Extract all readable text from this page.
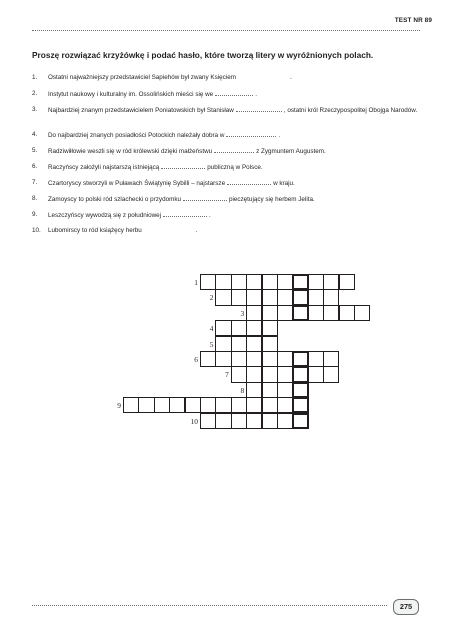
TEST NR 89
Proszę rozwiązać krzyżówkę i podać hasło, które tworzą litery w wyróżnionych polach.
1. Ostatni najważniejszy przedstawiciel Sapiehów był zwany Księciem	.
2. Instytut naukowy i kulturalny im. Ossolińskich mieści się we	.
3. Najbardziej znanym przedstawicielem Poniatowskich był Stanisław	, ostatni król Rzeczypospolitej Obojga Narodów.
4. Do najbardziej znanych posiadłości Potockich należały dobra w	.
5. Radziwiłłowie weszli się w ród królewski dzięki małżeństwu	z Zygmuntem Augustem.
6. Raczyńscy założyli najstarszą istniejącą	publiczną w Polsce.
7. Czartoryscy stworzyli w Puławach Świątynię Sybilli – najstarsze	w kraju.
8. Zamoyscy to polski ród szlachecki o przydomku	pieczętujący się herbem Jelita.
9. Leszczyńscy wywodzą się z południowej	.
10. Lubomirscy to ród książęcy herbu	.
1
2
3
4
5
6
7
8
9
10
275
